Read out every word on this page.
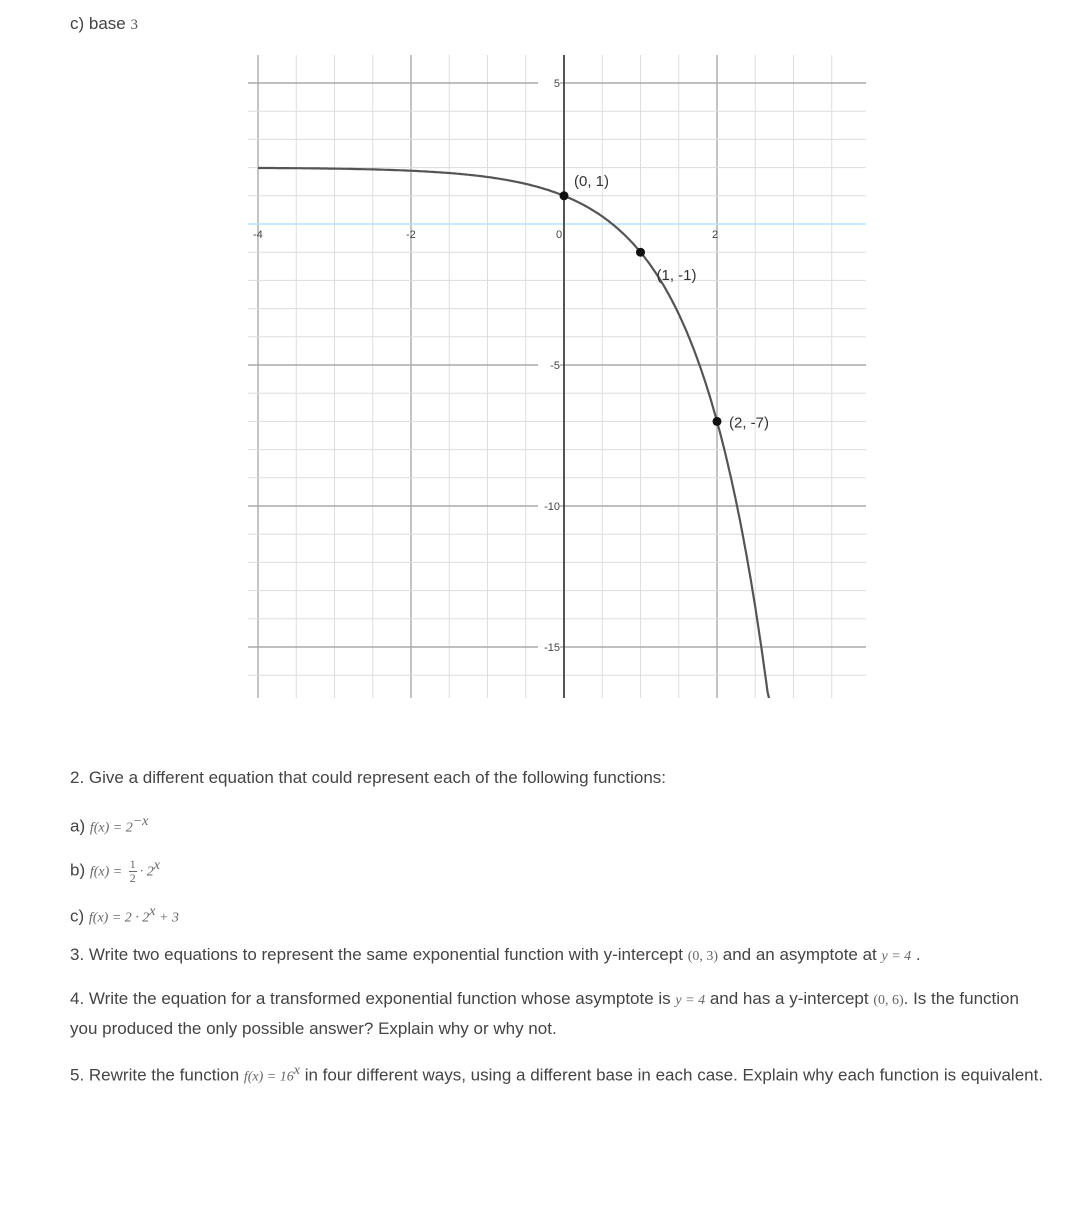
c) base 3
-4	-2	0	2
5
-5
-10
-15
(0, 1)
(1, -1)
(2, -7)
2. Give a different equation that could represent each of the following functions:
a) $f(x) = 2^{-x}$
b) $f(x) = \frac{1}{2} \cdot 2^x$
c) $f(x) = 2 \cdot 2^x + 3$
3. Write two equations to represent the same exponential function with y-intercept (0, 3) and an asymptote at y = 4 .
4. Write the equation for a transformed exponential function whose asymptote is y = 4 and has a y-intercept (0, 6). Is the function you produced the only possible answer? Explain why or why not.
5. Rewrite the function $f(x) = 16^x$ in four different ways, using a different base in each case. Explain why each function is equivalent.
